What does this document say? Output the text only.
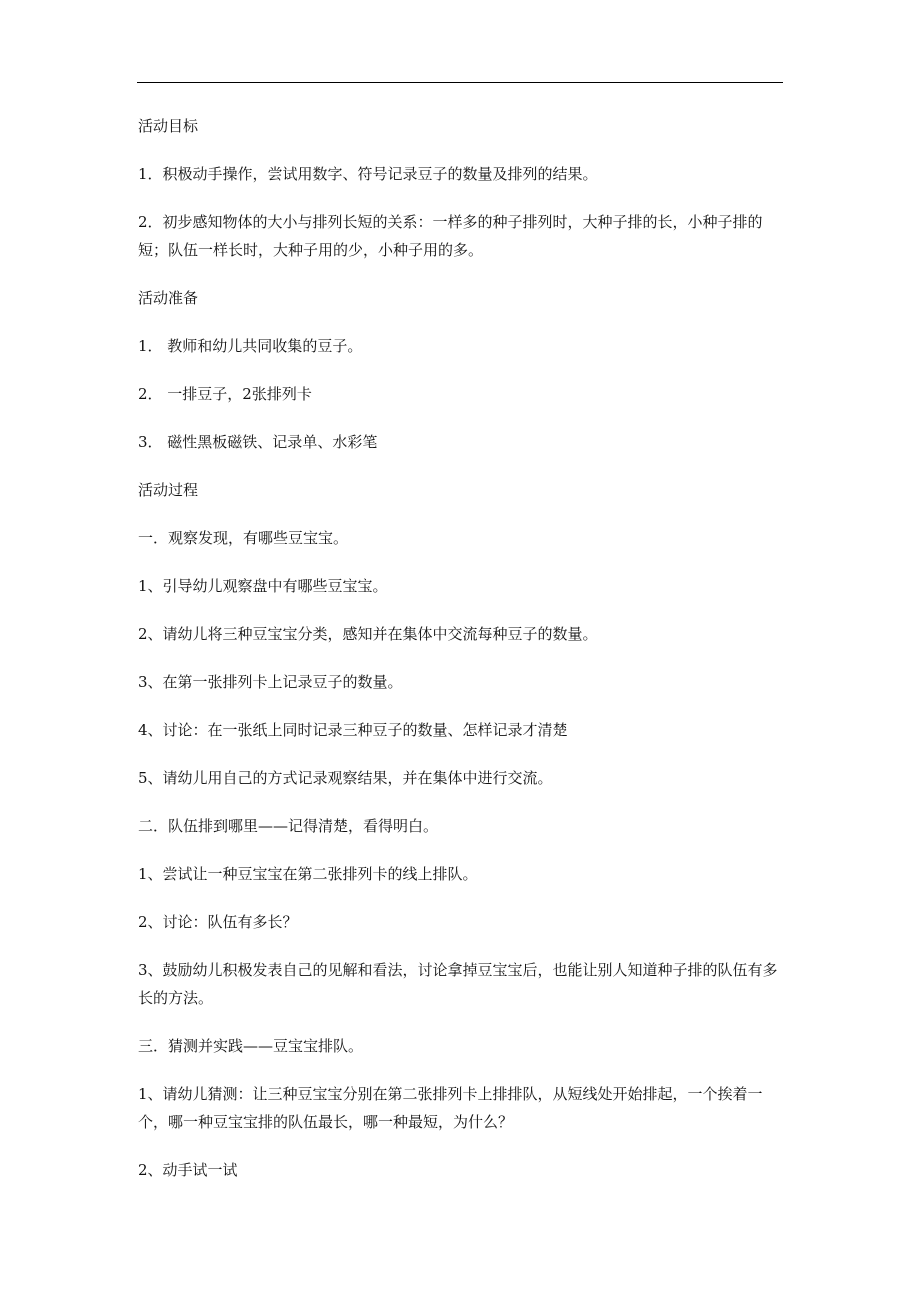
活动目标

1．积极动手操作，尝试用数字、符号记录豆子的数量及排列的结果。

2．初步感知物体的大小与排列长短的关系：一样多的种子排列时，大种子排的长，小种子排的短；队伍一样长时，大种子用的少，小种子用的多。

活动准备

1． 教师和幼儿共同收集的豆子。

2． 一排豆子，2张排列卡

3． 磁性黑板磁铁、记录单、水彩笔

活动过程

一．观察发现，有哪些豆宝宝。

1、引导幼儿观察盘中有哪些豆宝宝。

2、请幼儿将三种豆宝宝分类，感知并在集体中交流每种豆子的数量。

3、在第一张排列卡上记录豆子的数量。

4、讨论：在一张纸上同时记录三种豆子的数量、怎样记录才清楚

5、请幼儿用自己的方式记录观察结果，并在集体中进行交流。

二．队伍排到哪里——记得清楚，看得明白。

1、尝试让一种豆宝宝在第二张排列卡的线上排队。

2、讨论：队伍有多长？

3、鼓励幼儿积极发表自己的见解和看法，讨论拿掉豆宝宝后，也能让别人知道种子排的队伍有多长的方法。

三．猜测并实践——豆宝宝排队。

1、请幼儿猜测：让三种豆宝宝分别在第二张排列卡上排排队，从短线处开始排起，一个挨着一个，哪一种豆宝宝排的队伍最长，哪一种最短，为什么？

2、动手试一试
